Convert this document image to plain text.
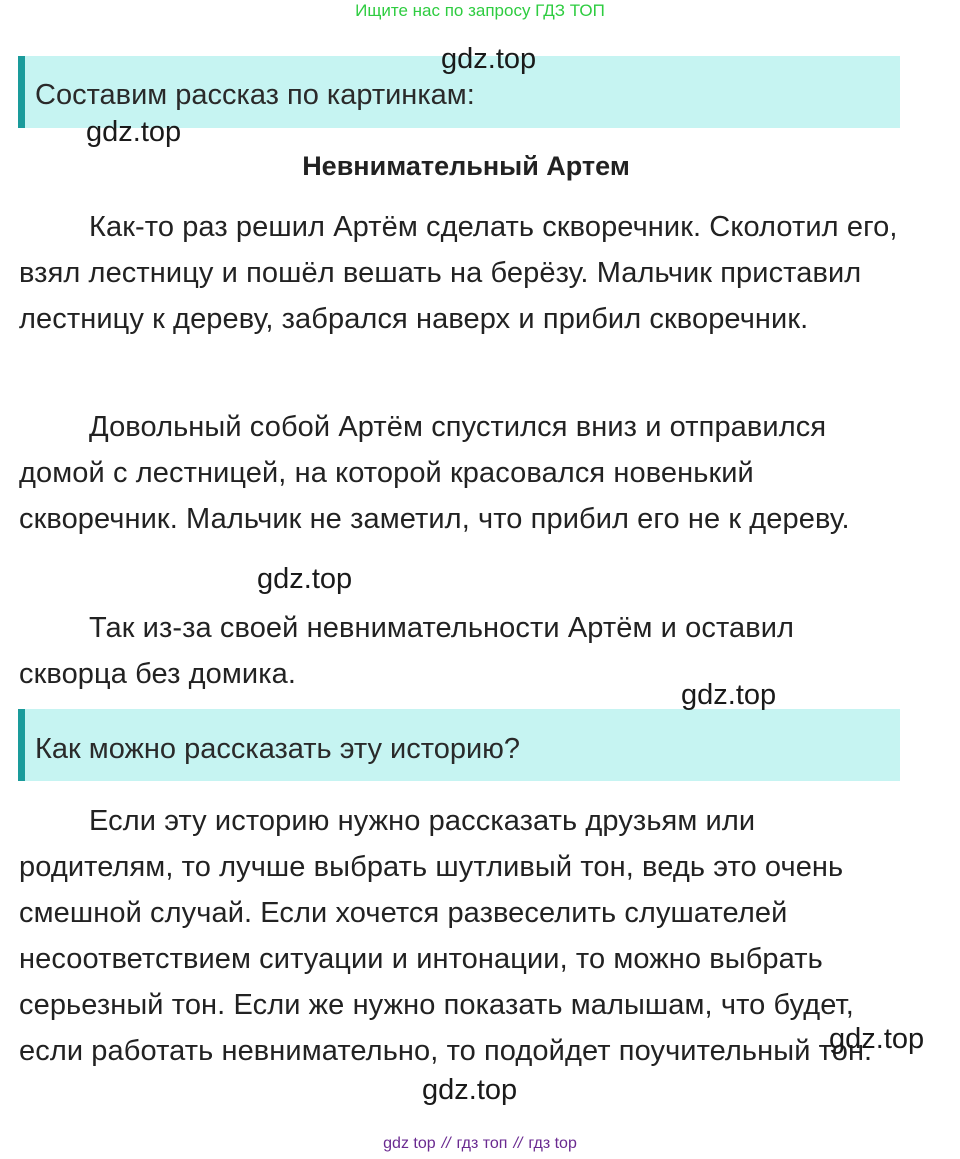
Ищите нас по запросу ГДЗ ТОП
Составим рассказ по картинкам:
Невнимательный Артем

Как-то раз решил Артём сделать скворечник. Сколотил его, взял лестницу и пошёл вешать на берёзу. Мальчик приставил лестницу к дереву, забрался наверх и прибил скворечник.

Довольный собой Артём спустился вниз и отправился домой с лестницей, на которой красовался новенький скворечник. Мальчик не заметил, что прибил его не к дереву.

Так из-за своей невнимательности Артём и оставил скворца без домика.

Как можно рассказать эту историю?

Если эту историю нужно рассказать друзьям или родителям, то лучше выбрать шутливый тон, ведь это очень смешной случай. Если хочется развеселить слушателей несоответствием ситуации и интонации, то можно выбрать серьезный тон. Если же нужно показать малышам, что будет, если работать невнимательно, то подойдет поучительный тон.

gdz.top
gdz.top
gdz.top
gdz.top
gdz.top
gdz.top
gdz top // гдз топ // гдз top
